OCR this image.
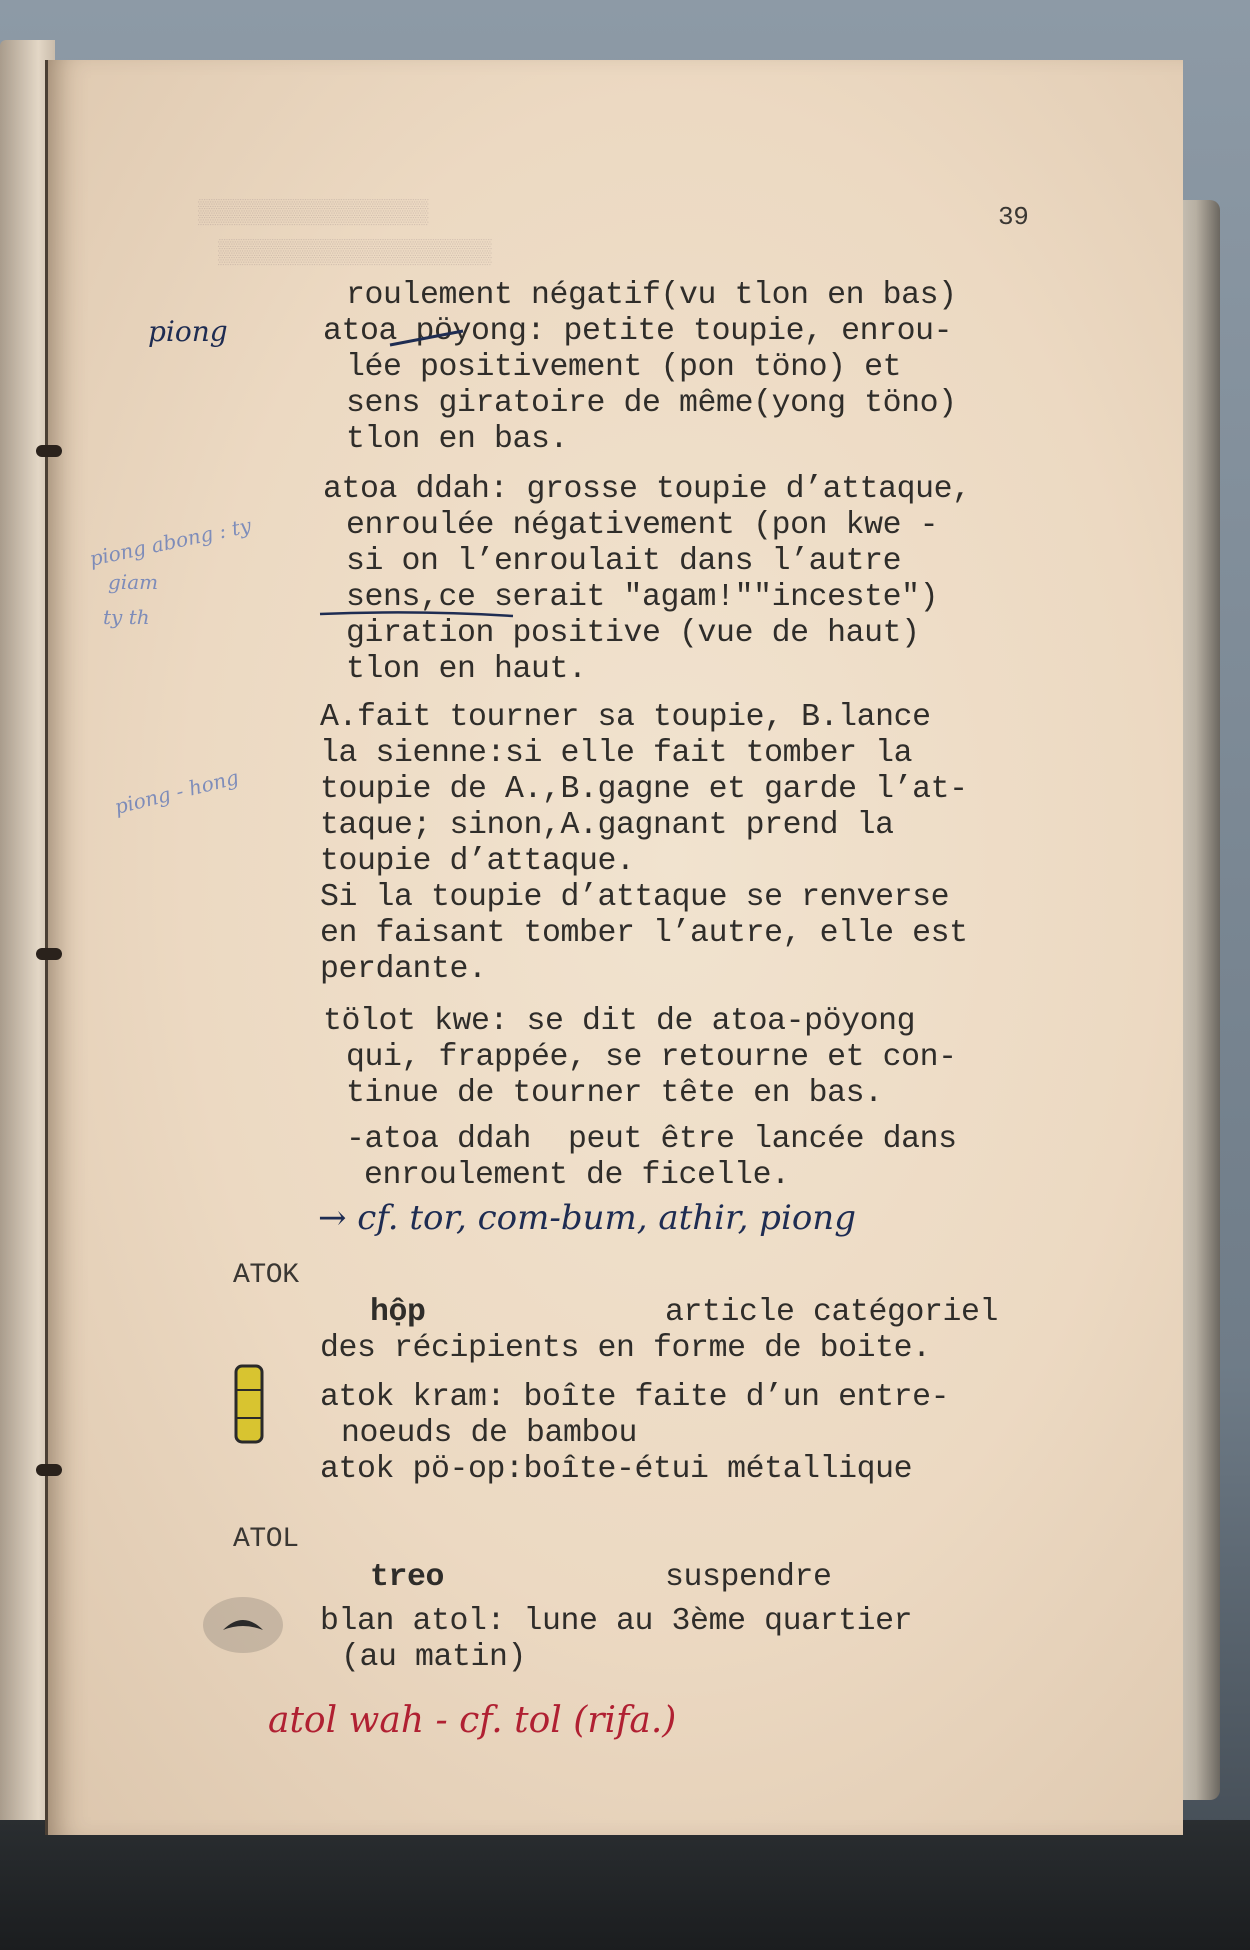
▒▒▒▒▒▒▒▒▒▒▒▒▒▒▒▒
▒▒▒▒▒▒▒▒▒▒▒▒▒▒▒▒▒▒▒

39

roulement négatif(vu tlon en bas)

atoa pöyong: petite toupie, enrou-

lée positivement (pon töno) et

sens giratoire de même(yong töno)

tlon en bas.

atoa ddah: grosse toupie d’attaque,

enroulée négativement (pon kwe -

si on l’enroulait dans l’autre

sens,ce serait "agam!""inceste")

giration positive (vue de haut)

tlon en haut.

A.fait tourner sa toupie, B.lance

la sienne:si elle fait tomber la

toupie de A.,B.gagne et garde l’at-

taque; sinon,A.gagnant prend la

toupie d’attaque.

Si la toupie d’attaque se renverse

en faisant tomber l’autre, elle est

perdante.

tölot kwe: se dit de atoa-pöyong

qui, frappée, se retourne et con-

tinue de tourner tête en bas.

-atoa ddah  peut être lancée dans

enroulement de ficelle.

→ cf. tor, com-bum, athir, piong

ATOK

hộp	article catégoriel

des récipients en forme de boite.

atok kram: boîte faite d’un entre-

noeuds de bambou

atok pö-op:boîte-étui métallique

ATOL

treo	suspendre

blan atol: lune au 3ème quartier

(au matin)

atol wah - cf. tol (rifa.)

piong

piong abong : ty

giam

ty th

piong - hong
